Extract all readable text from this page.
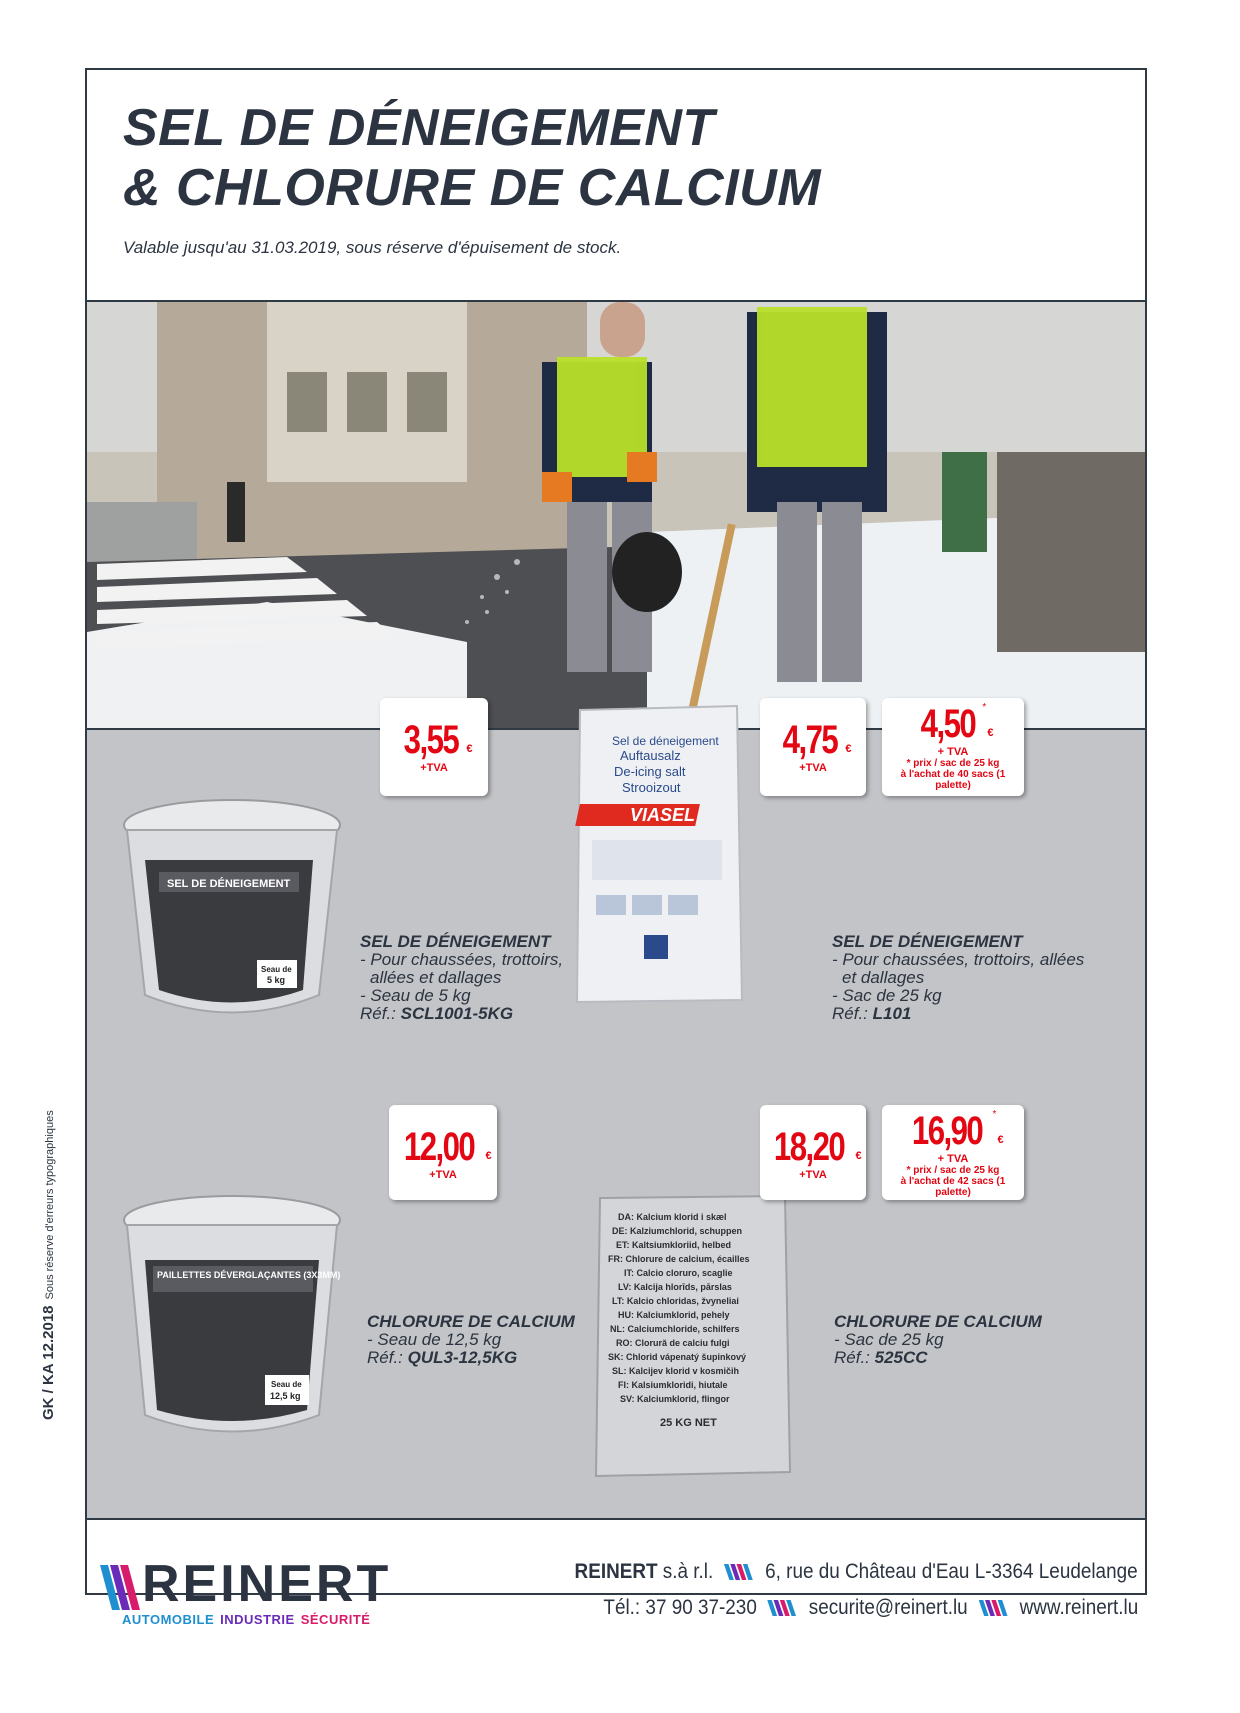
SEL DE DÉNEIGEMENT
& CHLORURE DE CALCIUM
Valable jusqu'au 31.03.2019, sous réserve d'épuisement de stock.
SEL DE DÉNEIGEMENT
Seau de
5 kg
3,55 €
+TVA
SEL DE DÉNEIGEMENT
- Pour chaussées, trottoirs,
allées et dallages
- Seau de 5 kg
Réf.: SCL1001-5KG
Sel de déneigement
Auftausalz
De-icing salt
Strooizout
VIASEL
4,75 €
+TVA
4,50 *€
+ TVA
* prix / sac de 25 kg
à l'achat de 40 sacs (1 palette)
SEL DE DÉNEIGEMENT
- Pour chaussées, trottoirs, allées
et dallages
- Sac de 25 kg
Réf.: L101
PAILLETTES DÉVERGLAÇANTES (3X3MM)
Seau de
12,5 kg
12,00 €
+TVA
CHLORURE DE CALCIUM
- Seau de 12,5 kg
Réf.: QUL3-12,5KG
DA: Kalcium klorid i skæl
DE: Kalziumchlorid, schuppen
ET: Kaltsiumkloriid, helbed
FR: Chlorure de calcium, écailles
IT: Calcio cloruro, scaglie
LV: Kalcija hlorīds, pārslas
LT: Kalcio chloridas, žvyneliai
HU: Kalciumklorid, pehely
NL: Calciumchloride, schilfers
RO: Clorură de calciu fulgi
SK: Chlorid vápenatý šupinkový
SL: Kalcijev klorid v kosmičih
FI: Kalsiumkloridi, hiutale
SV: Kalciumklorid, flingor
25 KG NET
18,20 €
+TVA
16,90 *€
+ TVA
* prix / sac de 25 kg
à l'achat de 42 sacs (1 palette)
CHLORURE DE CALCIUM
- Sac de 25 kg
Réf.: 525CC
GK / KA 12.2018Sous réserve d'erreurs typographiques
REINERT
AUTOMOBILE INDUSTRIE SÉCURITÉ
REINERT s.à r.l. 6, rue du Château d'Eau L-3364 Leudelange
Tél.: 37 90 37-230 securite@reinert.lu www.reinert.lu
